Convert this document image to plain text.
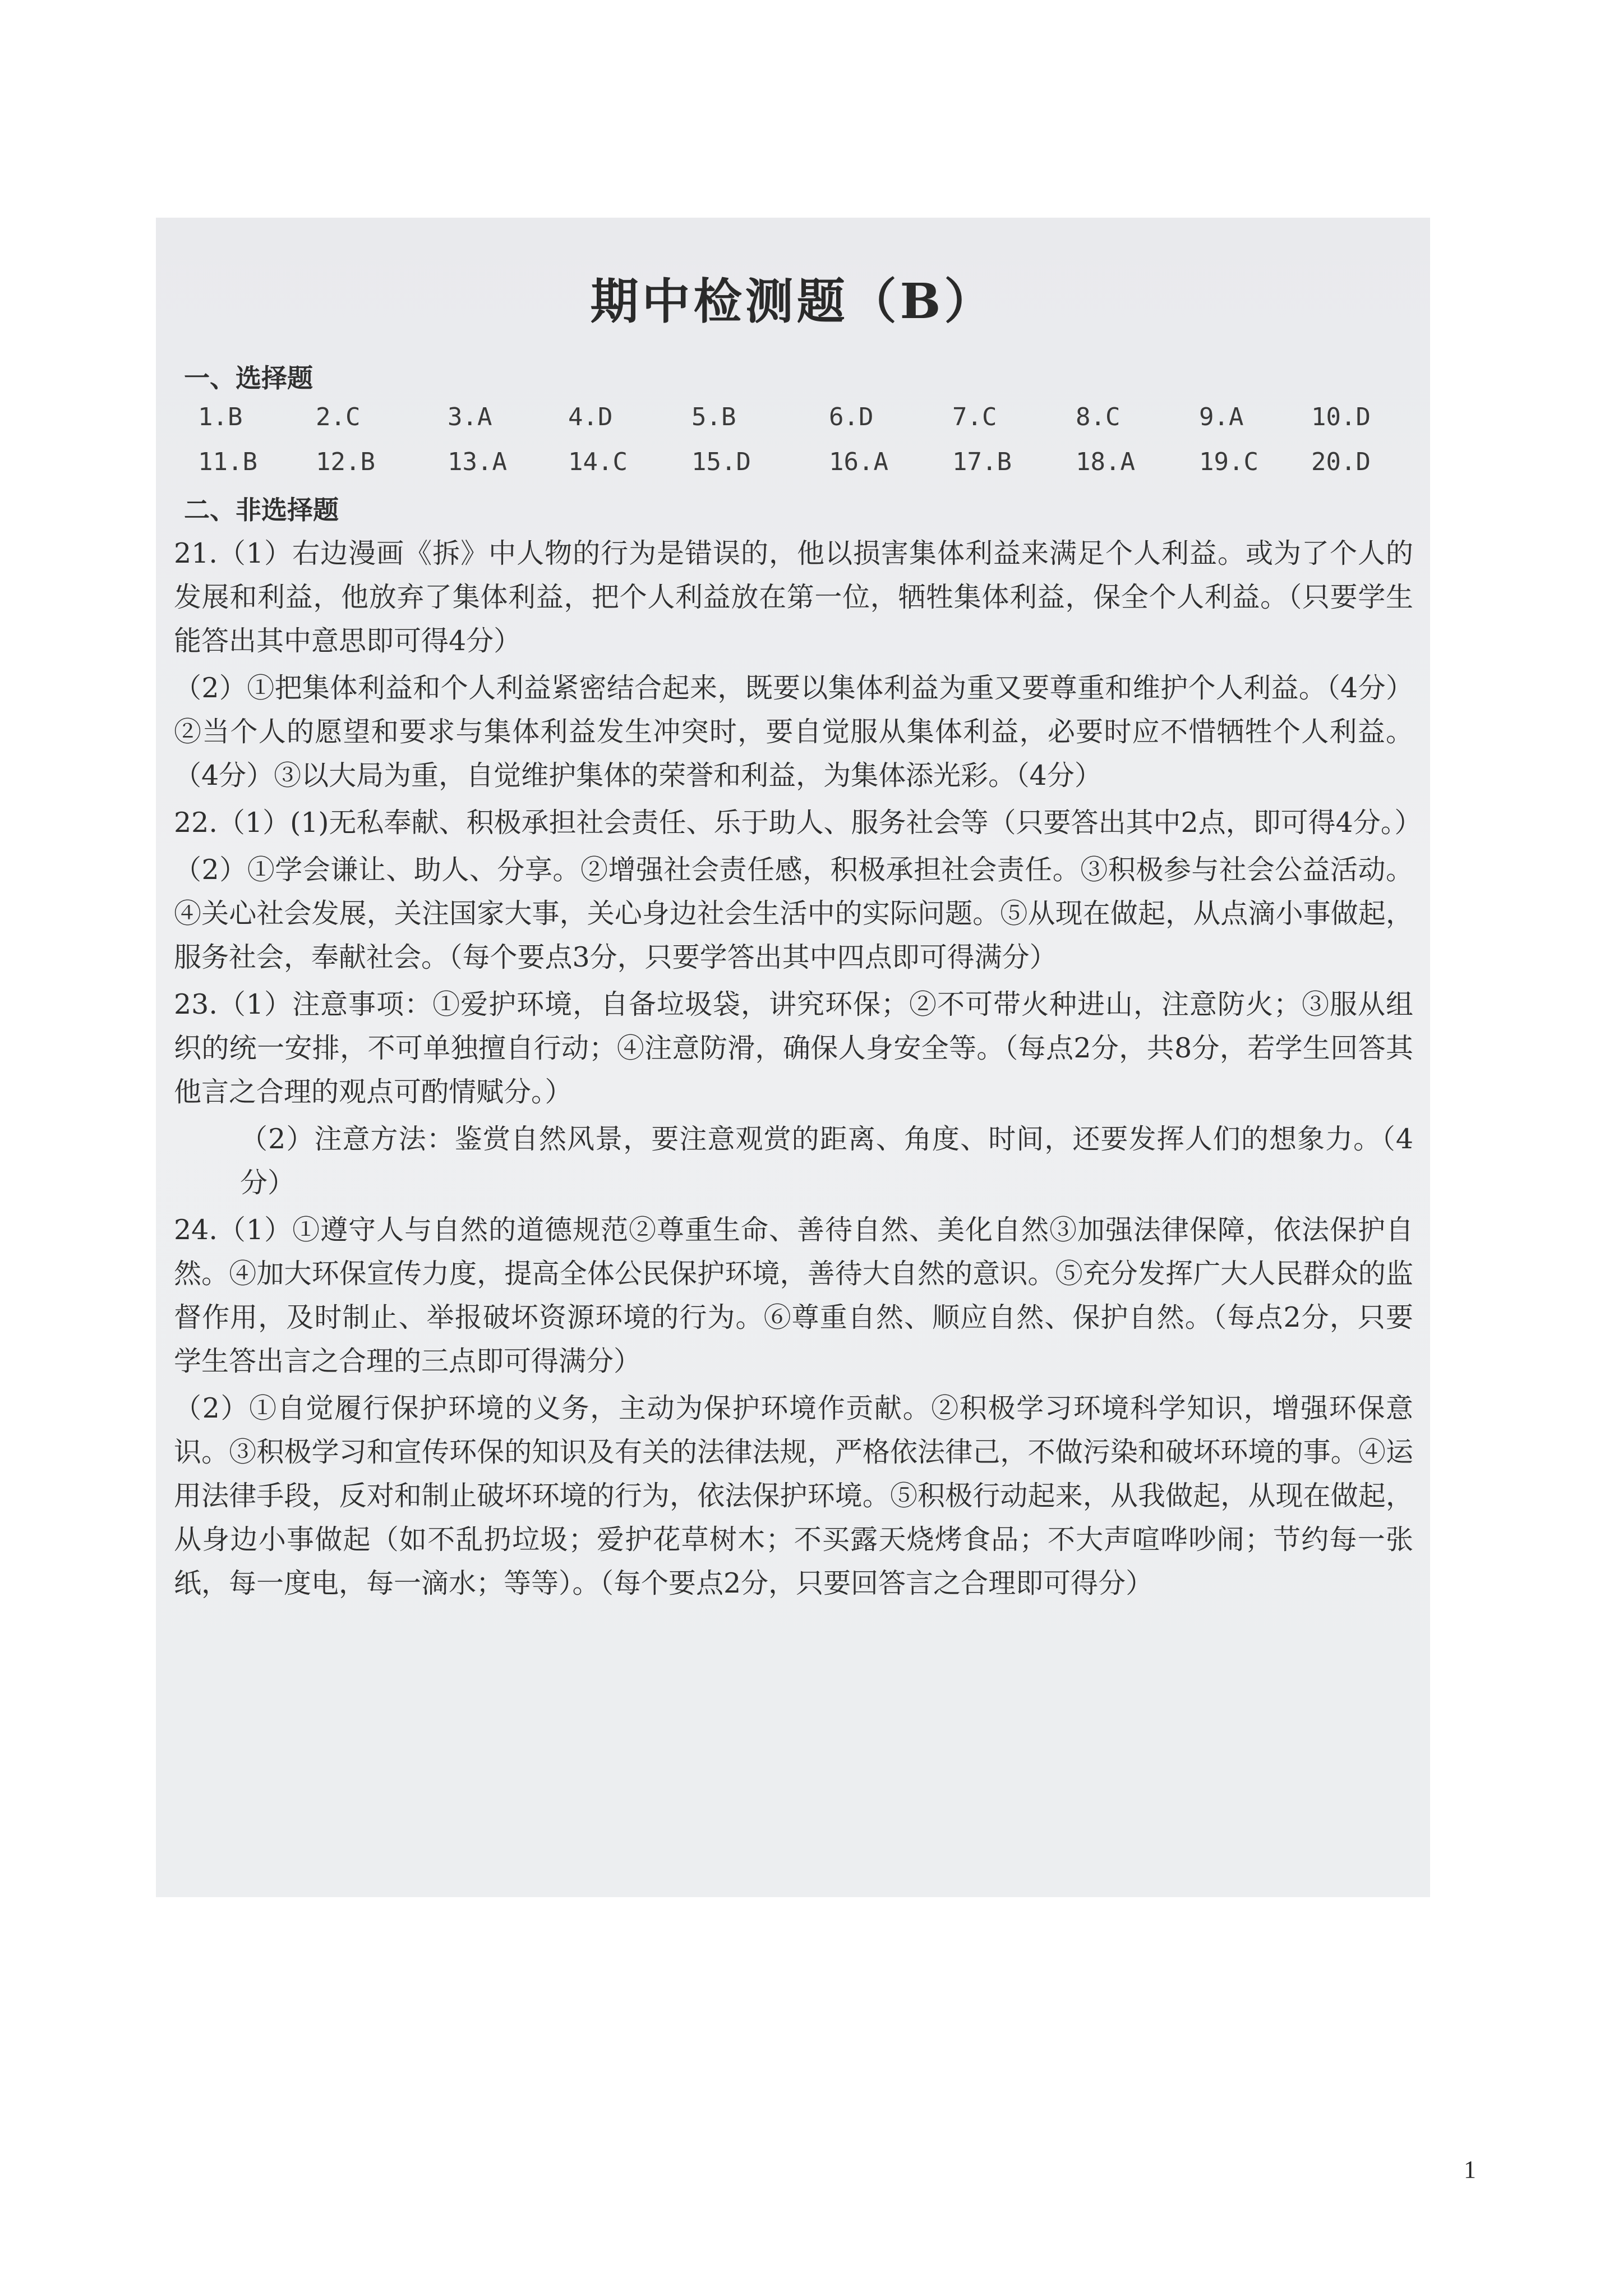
期中检测题（B）
一、选择题
1.B	2.C	3.A	4.D	5.B	6.D	7.C	8.C	9.A	10.D
11.B 12.B	13.A 14.C	15.D	16.A	17.B	18.A	19.C 20.D
二、非选择题

21.（1）右边漫画《拆》中人物的行为是错误的，他以损害集体利益来满足个人利益。或为了个人的发展和利益，他放弃了集体利益，把个人利益放在第一位，牺牲集体利益，保全个人利益。（只要学生能答出其中意思即可得4分）

（2）①把集体利益和个人利益紧密结合起来，既要以集体利益为重又要尊重和维护个人利益。（4分）②当个人的愿望和要求与集体利益发生冲突时，要自觉服从集体利益，必要时应不惜牺牲个人利益。（4分）③以大局为重，自觉维护集体的荣誉和利益，为集体添光彩。（4分）

22.（1）(1)无私奉献、积极承担社会责任、乐于助人、服务社会等（只要答出其中2点，即可得4分。）

（2）①学会谦让、助人、分享。②增强社会责任感，积极承担社会责任。③积极参与社会公益活动。④关心社会发展，关注国家大事，关心身边社会生活中的实际问题。⑤从现在做起，从点滴小事做起，服务社会，奉献社会。（每个要点3分，只要学答出其中四点即可得满分）

23.（1）注意事项：①爱护环境，自备垃圾袋，讲究环保；②不可带火种进山，注意防火；③服从组织的统一安排，不可单独擅自行动；④注意防滑，确保人身安全等。（每点2分，共8分，若学生回答其他言之合理的观点可酌情赋分。）

（2）注意方法：鉴赏自然风景，要注意观赏的距离、角度、时间，还要发挥人们的想象力。（4分）

24.（1）①遵守人与自然的道德规范②尊重生命、善待自然、美化自然③加强法律保障，依法保护自然。④加大环保宣传力度，提高全体公民保护环境，善待大自然的意识。⑤充分发挥广大人民群众的监督作用，及时制止、举报破坏资源环境的行为。⑥尊重自然、顺应自然、保护自然。（每点2分，只要学生答出言之合理的三点即可得满分）

（2）①自觉履行保护环境的义务，主动为保护环境作贡献。②积极学习环境科学知识，增强环保意识。③积极学习和宣传环保的知识及有关的法律法规，严格依法律己，不做污染和破坏环境的事。④运用法律手段，反对和制止破坏环境的行为，依法保护环境。⑤积极行动起来，从我做起，从现在做起，从身边小事做起（如不乱扔垃圾；爱护花草树木；不买露天烧烤食品；不大声喧哗吵闹；节约每一张纸，每一度电，每一滴水；等等）。（每个要点2分，只要回答言之合理即可得分）

1
